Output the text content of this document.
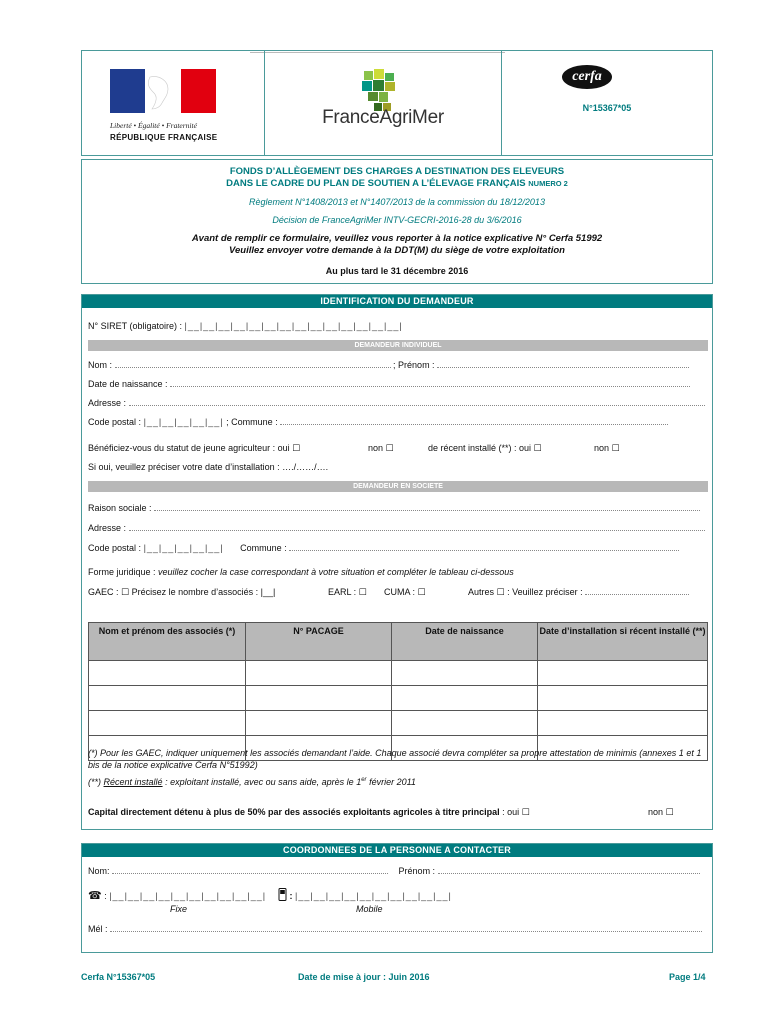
Liberté • Égalité • Fraternité
RÉPUBLIQUE FRANÇAISE
FranceAgriMer
cerfa
N°15367*05
FONDS D’ALLÈGEMENT DES CHARGES A DESTINATION DES ELEVEURS
DANS LE CADRE DU PLAN DE SOUTIEN A L’ÉLEVAGE FRANÇAIS NUMERO 2
Règlement N°1408/2013 et N°1407/2013 de la commission du 18/12/2013
Décision de FranceAgriMer INTV-GECRI-2016-28 du 3/6/2016
Avant de remplir ce formulaire, veuillez vous reporter à la notice explicative N° Cerfa 51992
Veuillez envoyer votre demande à la DDT(M) du siège de votre exploitation
Au plus tard le 31 décembre 2016
IDENTIFICATION DU DEMANDEUR
N° SIRET (obligatoire) : |__|__|__|__|__|__|__|__|__|__|__|__|__|__|
DEMANDEUR INDIVIDUEL
Nom :	; Prénom :
Date de naissance :
Adresse :
Code postal : |__|__|__|__|__| ; Commune :
Bénéficiez-vous du statut de jeune agriculteur : oui ☐	non ☐	de récent installé (**) : oui ☐	non ☐
Si oui, veuillez préciser votre date d’installation : …./……/….
DEMANDEUR EN SOCIETE
Raison sociale :
Adresse :
Code postal : |__|__|__|__|__| Commune :
Forme juridique : veuillez cocher la case correspondant à votre situation et compléter le tableau ci-dessous
GAEC : ☐ Précisez le nombre d’associés : |__|	EARL : ☐ CUMA : ☐	Autres ☐ : Veuillez préciser :
Nom et prénom des associés (*)	N° PACAGE	Date de naissance	Date d’installation si récent installé (**)

(*) Pour les GAEC, indiquer uniquement les associés demandant l’aide. Chaque associé devra compléter sa propre attestation de minimis (annexes 1 et 1 bis de la notice explicative Cerfa N°51992)
(**) Récent installé : exploitant installé, avec ou sans aide, après le 1er février 2011
Capital directement détenu à plus de 50% par des associés exploitants agricoles à titre principal : oui ☐	non ☐
COORDONNEES DE LA PERSONNE A CONTACTER
Nom:	Prénom :
☎ : |__|__|__|__|__|__|__|__|__|__|	: |__|__|__|__|__|__|__|__|__|__|
Fixe	Mobile
Mél :
Cerfa N°15367*05	Date de mise à jour : Juin 2016	Page 1/4
